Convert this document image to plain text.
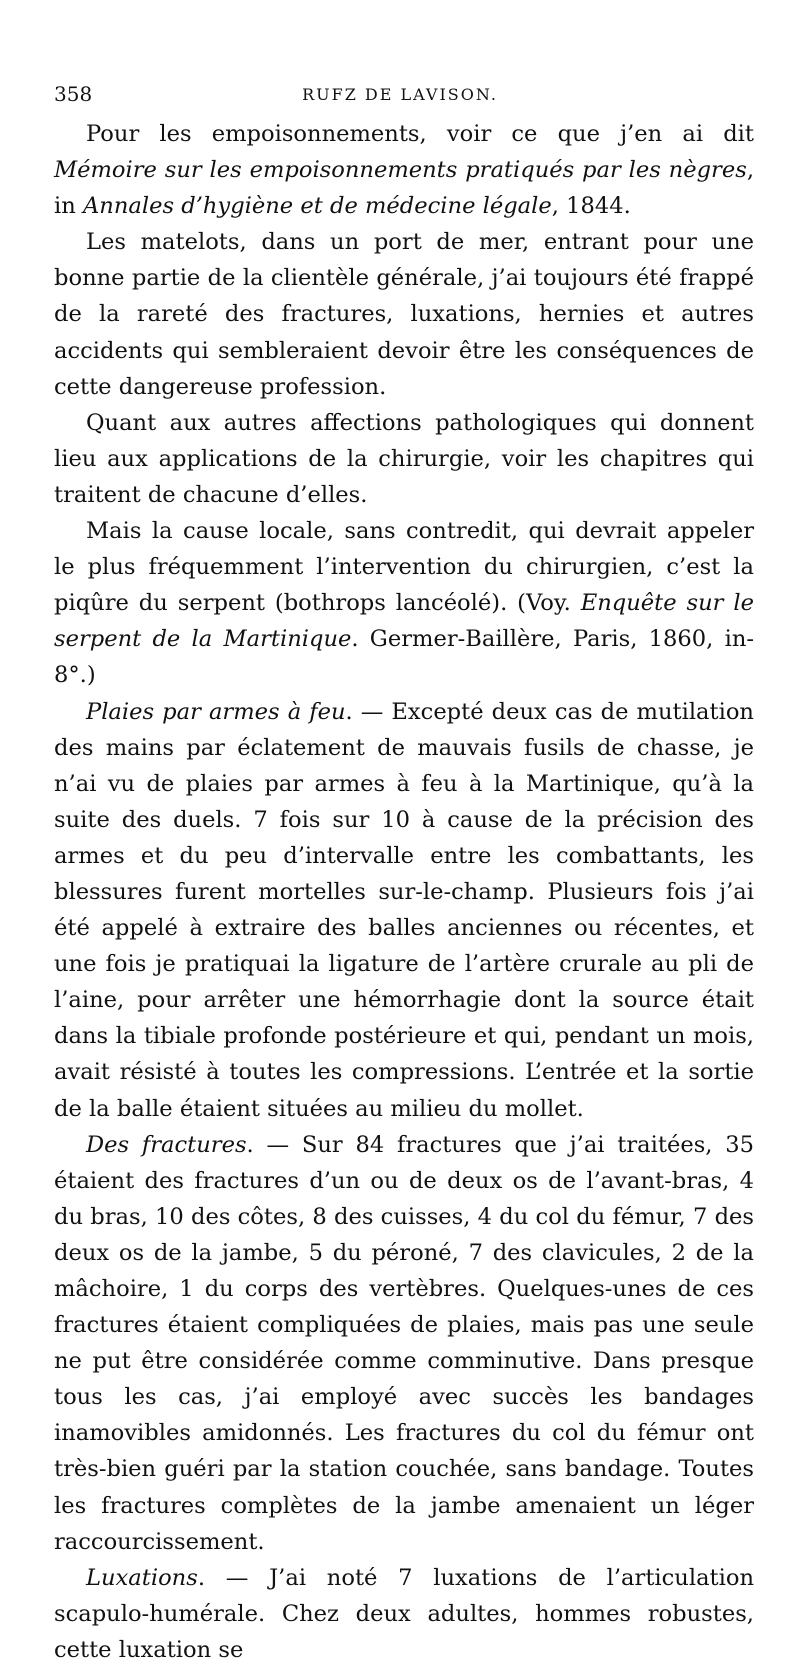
358	RUFZ DE LAVISON.

Pour les empoisonnements, voir ce que j’en ai dit Mémoire sur les empoisonnements pratiqués par les nègres, in Annales d’hygiène et de médecine légale, 1844.

Les matelots, dans un port de mer, entrant pour une bonne partie de la clientèle générale, j’ai toujours été frappé de la rareté des fractures, luxations, hernies et autres accidents qui sembleraient devoir être les conséquences de cette dangereuse profession.

Quant aux autres affections pathologiques qui donnent lieu aux applications de la chirurgie, voir les chapitres qui traitent de chacune d’elles.

Mais la cause locale, sans contredit, qui devrait appeler le plus fréquemment l’intervention du chirurgien, c’est la piqûre du serpent (bothrops lancéolé). (Voy. Enquête sur le serpent de la Martinique. Germer-Baillère, Paris, 1860, in-8°.)

Plaies par armes à feu. — Excepté deux cas de mutilation des mains par éclatement de mauvais fusils de chasse, je n’ai vu de plaies par armes à feu à la Martinique, qu’à la suite des duels. 7 fois sur 10 à cause de la précision des armes et du peu d’intervalle entre les combattants, les blessures furent mortelles sur-le-champ. Plusieurs fois j’ai été appelé à extraire des balles anciennes ou récentes, et une fois je pratiquai la ligature de l’artère crurale au pli de l’aine, pour arrêter une hémorrhagie dont la source était dans la tibiale profonde postérieure et qui, pendant un mois, avait résisté à toutes les compressions. L’entrée et la sortie de la balle étaient situées au milieu du mollet.

Des fractures. — Sur 84 fractures que j’ai traitées, 35 étaient des fractures d’un ou de deux os de l’avant-bras, 4 du bras, 10 des côtes, 8 des cuisses, 4 du col du fémur, 7 des deux os de la jambe, 5 du péroné, 7 des clavicules, 2 de la mâchoire, 1 du corps des vertèbres. Quelques-unes de ces fractures étaient compliquées de plaies, mais pas une seule ne put être considérée comme comminutive. Dans presque tous les cas, j’ai employé avec succès les bandages inamovibles amidonnés. Les fractures du col du fémur ont très-bien guéri par la station couchée, sans bandage. Toutes les fractures complètes de la jambe amenaient un léger raccourcissement.

Luxations. — J’ai noté 7 luxations de l’articulation scapulo-humérale. Chez deux adultes, hommes robustes, cette luxation se
